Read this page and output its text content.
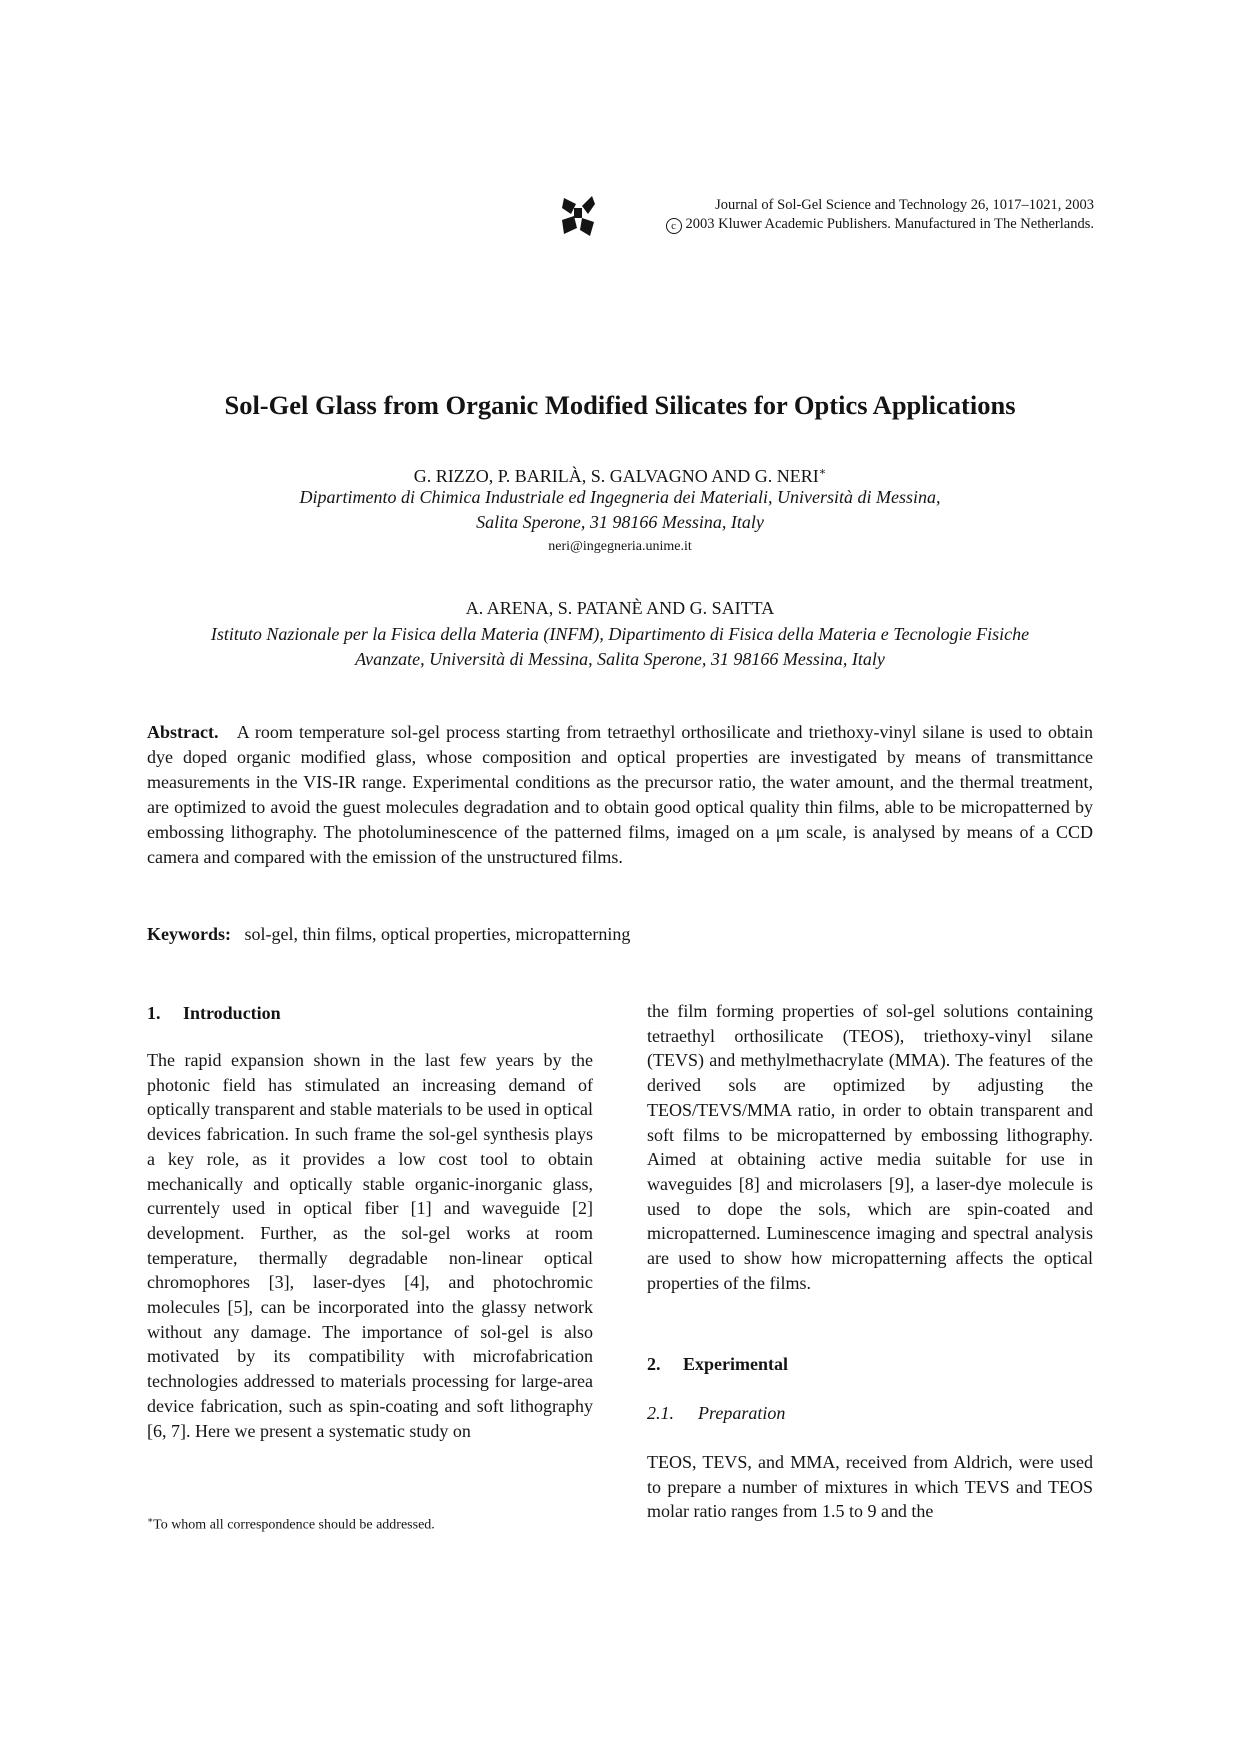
Journal of Sol-Gel Science and Technology 26, 1017–1021, 2003
c 2003 Kluwer Academic Publishers. Manufactured in The Netherlands.
Sol-Gel Glass from Organic Modified Silicates for Optics Applications
G. RIZZO, P. BARILÀ, S. GALVAGNO AND G. NERI∗
Dipartimento di Chimica Industriale ed Ingegneria dei Materiali, Università di Messina,
Salita Sperone, 31 98166 Messina, Italy
neri@ingegneria.unime.it
A. ARENA, S. PATANÈ AND G. SAITTA
Istituto Nazionale per la Fisica della Materia (INFM), Dipartimento di Fisica della Materia e Tecnologie Fisiche
Avanzate, Università di Messina, Salita Sperone, 31 98166 Messina, Italy
Abstract. A room temperature sol-gel process starting from tetraethyl orthosilicate and triethoxy-vinyl silane is used to obtain dye doped organic modified glass, whose composition and optical properties are investigated by means of transmittance measurements in the VIS-IR range. Experimental conditions as the precursor ratio, the water amount, and the thermal treatment, are optimized to avoid the guest molecules degradation and to obtain good optical quality thin films, able to be micropatterned by embossing lithography. The photoluminescence of the patterned films, imaged on a μm scale, is analysed by means of a CCD camera and compared with the emission of the unstructured films.
Keywords: sol-gel, thin films, optical properties, micropatterning
1. Introduction

The rapid expansion shown in the last few years by the photonic field has stimulated an increasing demand of optically transparent and stable materials to be used in optical devices fabrication. In such frame the sol-gel synthesis plays a key role, as it provides a low cost tool to obtain mechanically and optically stable organic-inorganic glass, currentely used in optical fiber [1] and waveguide [2] development. Further, as the sol-gel works at room temperature, thermally degradable non-linear optical chromophores [3], laser-dyes [4], and photochromic molecules [5], can be incorporated into the glassy network without any damage. The importance of sol-gel is also motivated by its compatibility with microfabrication technologies addressed to materials processing for large-area device fabrication, such as spin-coating and soft lithography [6, 7]. Here we present a systematic study on

∗To whom all correspondence should be addressed.

the film forming properties of sol-gel solutions containing tetraethyl orthosilicate (TEOS), triethoxy-vinyl silane (TEVS) and methylmethacrylate (MMA). The features of the derived sols are optimized by adjusting the TEOS/TEVS/MMA ratio, in order to obtain transparent and soft films to be micropatterned by embossing lithography. Aimed at obtaining active media suitable for use in waveguides [8] and microlasers [9], a laser-dye molecule is used to dope the sols, which are spin-coated and micropatterned. Luminescence imaging and spectral analysis are used to show how micropatterning affects the optical properties of the films.

2. Experimental
2.1. Preparation

TEOS, TEVS, and MMA, received from Aldrich, were used to prepare a number of mixtures in which TEVS and TEOS molar ratio ranges from 1.5 to 9 and the
